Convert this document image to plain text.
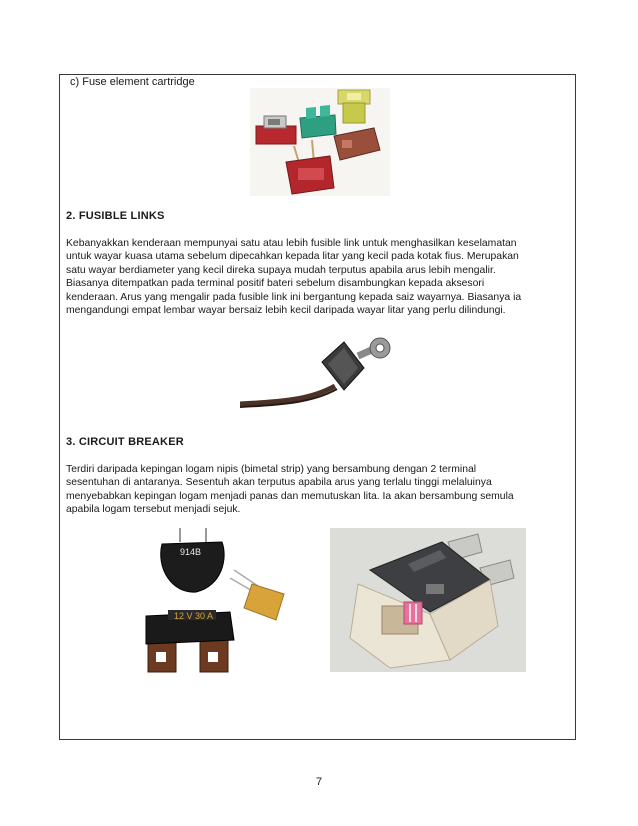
c) Fuse element cartridge
2. FUSIBLE LINKS

Kebanyakkan kenderaan mempunyai satu atau lebih fusible link untuk menghasilkan keselamatan
untuk wayar kuasa utama sebelum dipecahkan kepada litar yang kecil pada kotak fius. Merupakan
satu wayar berdiameter yang kecil direka supaya mudah terputus apabila arus lebih mengalir.
Biasanya ditempatkan pada terminal positif bateri sebelum disambungkan kepada aksesori
kenderaan. Arus yang mengalir pada fusible link ini bergantung kepada saiz wayarnya. Biasanya ia
mengandungi empat lembar wayar bersaiz lebih kecil daripada wayar litar yang perlu dilindungi.

3. CIRCUIT BREAKER

Terdiri daripada kepingan logam nipis (bimetal strip) yang bersambung dengan 2 terminal
sesentuhan di antaranya. Sesentuh akan terputus apabila arus yang terlalu tinggi melaluinya
menyebabkan kepingan logam menjadi panas dan memutuskan lita. Ia akan bersambung semula
apabila logam tersebut menjadi sejuk.

914B
12 V 30 A
7
